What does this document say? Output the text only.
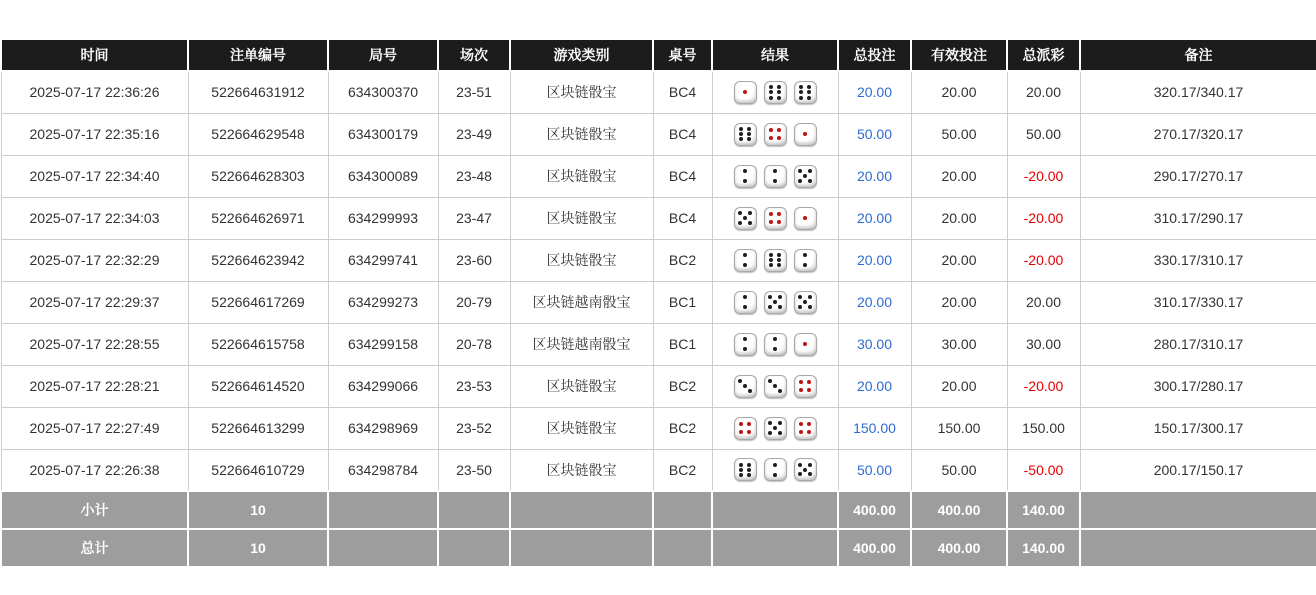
时间	注单编号	局号	场次	游戏类别	桌号	结果	总投注	有效投注	总派彩	备注
2025-07-17 22:36:26	522664631912	634300370	23-51	区块链骰宝	BC4		20.00	20.00	20.00	320.17/340.17
2025-07-17 22:35:16	522664629548	634300179	23-49	区块链骰宝	BC4		50.00	50.00	50.00	270.17/320.17
2025-07-17 22:34:40	522664628303	634300089	23-48	区块链骰宝	BC4		20.00	20.00	-20.00	290.17/270.17
2025-07-17 22:34:03	522664626971	634299993	23-47	区块链骰宝	BC4		20.00	20.00	-20.00	310.17/290.17
2025-07-17 22:32:29	522664623942	634299741	23-60	区块链骰宝	BC2		20.00	20.00	-20.00	330.17/310.17
2025-07-17 22:29:37	522664617269	634299273	20-79	区块链越南骰宝	BC1		20.00	20.00	20.00	310.17/330.17
2025-07-17 22:28:55	522664615758	634299158	20-78	区块链越南骰宝	BC1		30.00	30.00	30.00	280.17/310.17
2025-07-17 22:28:21	522664614520	634299066	23-53	区块链骰宝	BC2		20.00	20.00	-20.00	300.17/280.17
2025-07-17 22:27:49	522664613299	634298969	23-52	区块链骰宝	BC2		150.00	150.00	150.00	150.17/300.17
2025-07-17 22:26:38	522664610729	634298784	23-50	区块链骰宝	BC2		50.00	50.00	-50.00	200.17/150.17
小计	10						400.00	400.00	140.00	
总计	10						400.00	400.00	140.00	
